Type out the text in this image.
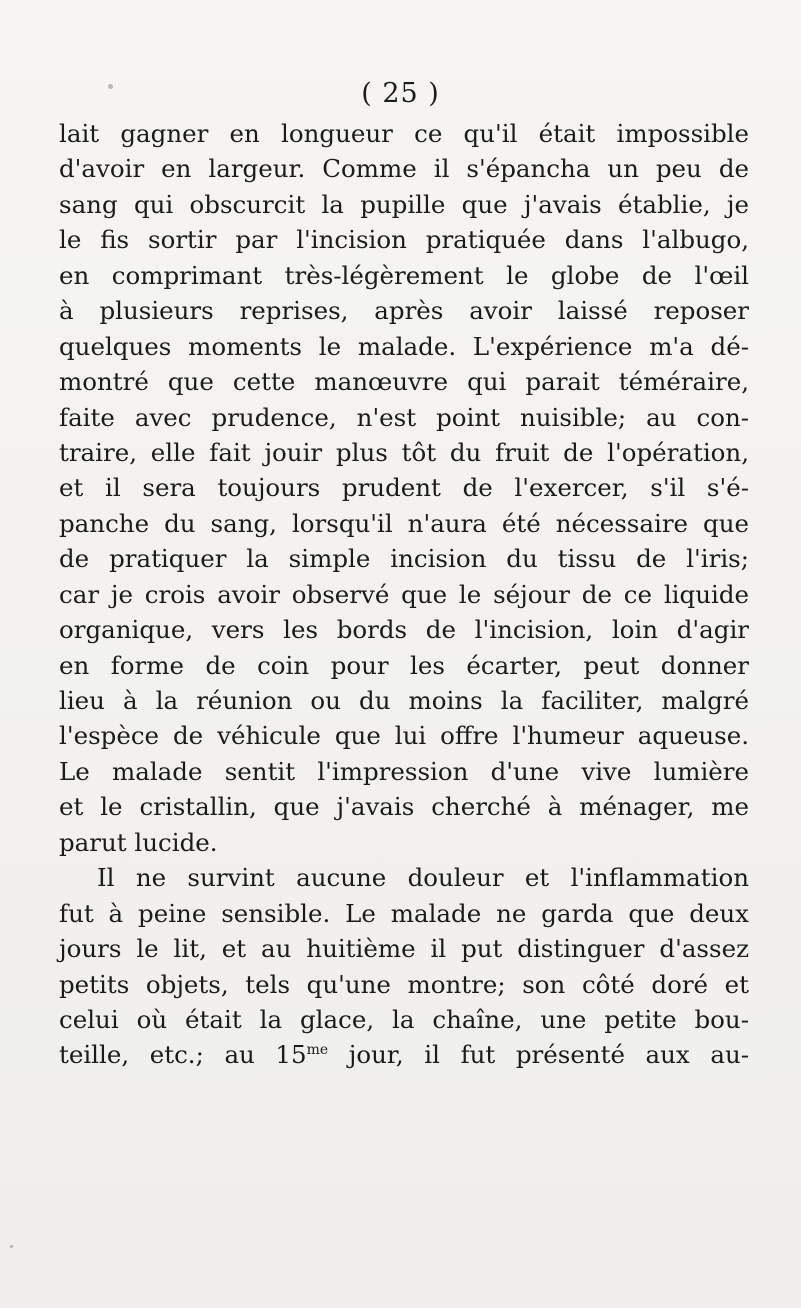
( 25 )
lait gagner en longueur ce qu'il était impossible
d'avoir en largeur. Comme il s'épancha un peu de
sang qui obscurcit la pupille que j'avais établie, je
le fis sortir par l'incision pratiquée dans l'albugo,
en comprimant très-légèrement le globe de l'œil
à plusieurs reprises, après avoir laissé reposer
quelques moments le malade. L'expérience m'a dé-
montré que cette manœuvre qui parait téméraire,
faite avec prudence, n'est point nuisible; au con-
traire, elle fait jouir plus tôt du fruit de l'opération,
et il sera toujours prudent de l'exercer, s'il s'é-
panche du sang, lorsqu'il n'aura été nécessaire que
de pratiquer la simple incision du tissu de l'iris;
car je crois avoir observé que le séjour de ce liquide
organique, vers les bords de l'incision, loin d'agir
en forme de coin pour les écarter, peut donner
lieu à la réunion ou du moins la faciliter, malgré
l'espèce de véhicule que lui offre l'humeur aqueuse.
Le malade sentit l'impression d'une vive lumière
et le cristallin, que j'avais cherché à ménager, me
parut lucide.
Il ne survint aucune douleur et l'inflammation
fut à peine sensible. Le malade ne garda que deux
jours le lit, et au huitième il put distinguer d'assez
petits objets, tels qu'une montre; son côté doré et
celui où était la glace, la chaîne, une petite bou-
teille, etc.; au $15^{me}$ jour, il fut présenté aux au-
